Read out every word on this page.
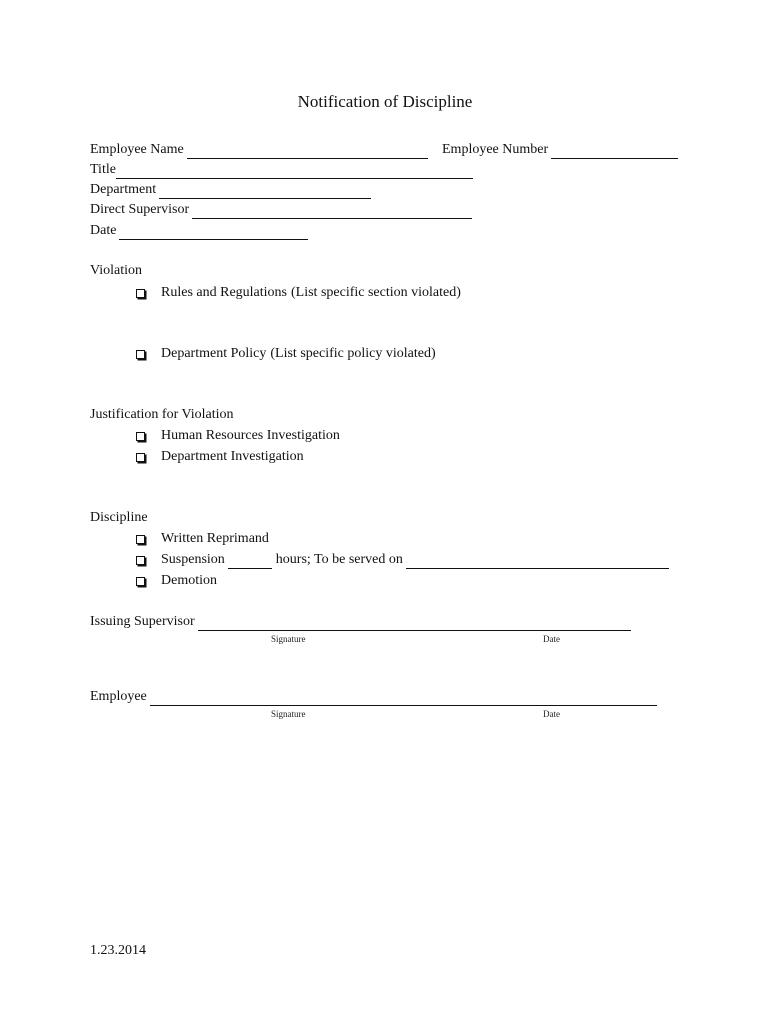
Notification of Discipline
Employee Name	Employee Number
Title
Department
Direct Supervisor
Date
Violation
Rules and Regulations (List specific section violated)
Department Policy (List specific policy violated)
Justification for Violation
Human Resources Investigation
Department Investigation
Discipline
Written Reprimand
Suspension	hours; To be served on
Demotion
Issuing Supervisor
Signature	Date
Employee
Signature	Date
1.23.2014
